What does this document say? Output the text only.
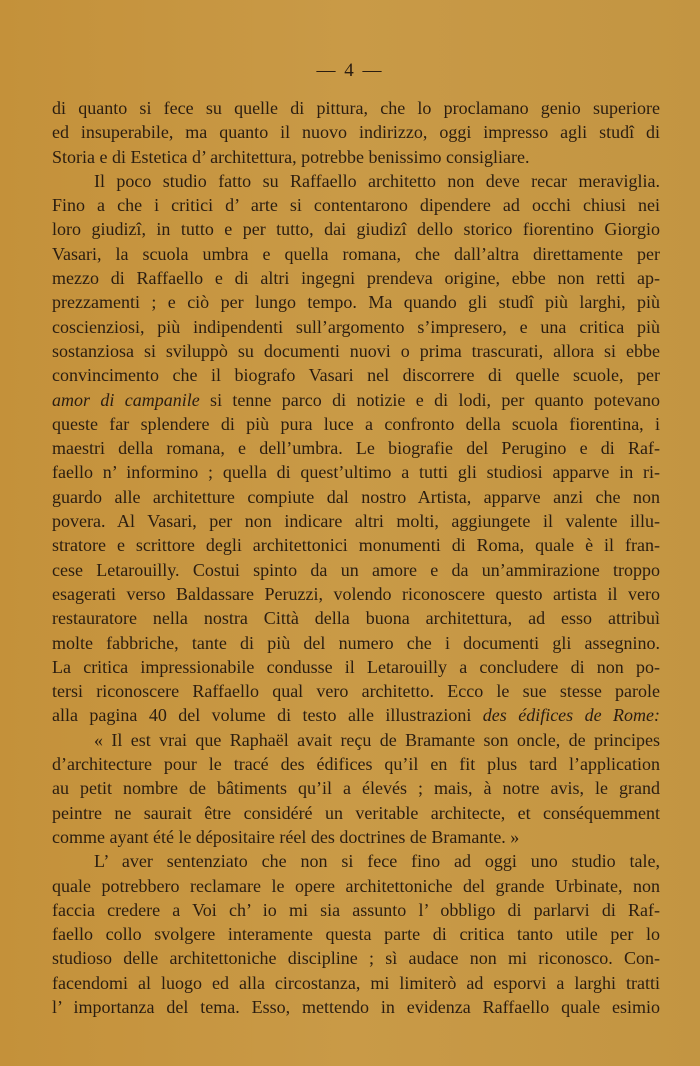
— 4 —
di quanto si fece su quelle di pittura, che lo proclamano genio superiore
ed insuperabile, ma quanto il nuovo indirizzo, oggi impresso agli studî di
Storia e di Estetica d’ architettura, potrebbe benissimo consigliare.
Il poco studio fatto su Raffaello architetto non deve recar meraviglia.
Fino a che i critici d’ arte si contentarono dipendere ad occhi chiusi nei
loro giudizî, in tutto e per tutto, dai giudizî dello storico fiorentino Giorgio
Vasari, la scuola umbra e quella romana, che dall’altra direttamente per
mezzo di Raffaello e di altri ingegni prendeva origine, ebbe non retti ap-
prezzamenti ; e ciò per lungo tempo. Ma quando gli studî più larghi, più
coscienziosi, più indipendenti sull’argomento s’impresero, e una critica più
sostanziosa si sviluppò su documenti nuovi o prima trascurati, allora si ebbe
convincimento che il biografo Vasari nel discorrere di quelle scuole, per
amor di campanile si tenne parco di notizie e di lodi, per quanto potevano
queste far splendere di più pura luce a confronto della scuola fiorentina, i
maestri della romana, e dell’umbra. Le biografie del Perugino e di Raf-
faello n’ informino ; quella di quest’ultimo a tutti gli studiosi apparve in ri-
guardo alle architetture compiute dal nostro Artista, apparve anzi che non
povera. Al Vasari, per non indicare altri molti, aggiungete il valente illu-
stratore e scrittore degli architettonici monumenti di Roma, quale è il fran-
cese Letarouilly. Costui spinto da un amore e da un’ammirazione troppo
esagerati verso Baldassare Peruzzi, volendo riconoscere questo artista il vero
restauratore nella nostra Città della buona architettura, ad esso attribuì
molte fabbriche, tante di più del numero che i documenti gli assegnino.
La critica impressionabile condusse il Letarouilly a concludere di non po-
tersi riconoscere Raffaello qual vero architetto. Ecco le sue stesse parole
alla pagina 40 del volume di testo alle illustrazioni des édifices de Rome:
« Il est vrai que Raphaël avait reçu de Bramante son oncle, de principes
d’architecture pour le tracé des édifices qu’il en fit plus tard l’application
au petit nombre de bâtiments qu’il a élevés ; mais, à notre avis, le grand
peintre ne saurait être considéré un veritable architecte, et conséquemment
comme ayant été le dépositaire réel des doctrines de Bramante. »
L’ aver sentenziato che non si fece fino ad oggi uno studio tale,
quale potrebbero reclamare le opere architettoniche del grande Urbinate, non
faccia credere a Voi ch’ io mi sia assunto l’ obbligo di parlarvi di Raf-
faello collo svolgere interamente questa parte di critica tanto utile per lo
studioso delle architettoniche discipline ; sì audace non mi riconosco. Con-
facendomi al luogo ed alla circostanza, mi limiterò ad esporvi a larghi tratti
l’ importanza del tema. Esso, mettendo in evidenza Raffaello quale esimio
